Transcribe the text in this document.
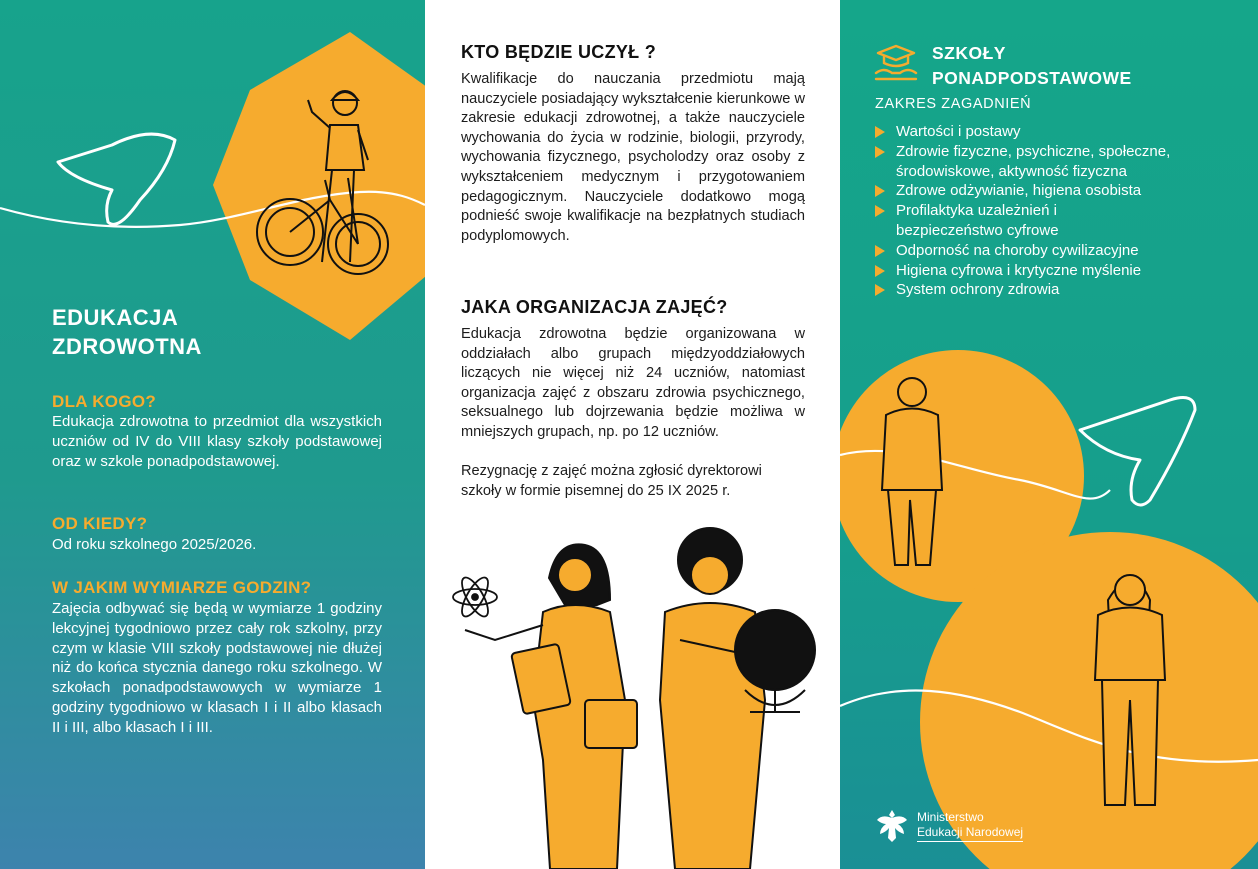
EDUKACJA
ZDROWOTNA
DLA KOGO?
Edukacja zdrowotna to przedmiot dla wszystkich uczniów od IV do VIII klasy szkoły podstawowej oraz w szkole ponadpodstawowej.
OD KIEDY?
Od roku szkolnego 2025/2026.
W JAKIM WYMIARZE GODZIN?
Zajęcia odbywać się będą w wymiarze 1 godziny lekcyjnej tygodniowo przez cały rok szkolny, przy czym w klasie VIII szkoły podstawowej nie dłużej niż do końca stycznia danego roku szkolnego. W szkołach ponadpodstawowych w wymiarze 1 godziny tygodniowo w klasach I i II albo klasach II i III, albo klasach I i III.
KTO BĘDZIE UCZYŁ ?
Kwalifikacje do nauczania przedmiotu mają nauczyciele posiadający wykształcenie kierunkowe w zakresie edukacji zdrowotnej, a także nauczyciele wychowania do życia w rodzinie, biologii, przyrody, wychowania fizycznego, psycholodzy oraz osoby z wykształceniem medycznym i przygotowaniem pedagogicznym. Nauczyciele dodatkowo mogą podnieść swoje kwalifikacje na bezpłatnych studiach podyplomowych.
JAKA ORGANIZACJA ZAJĘĆ?
Edukacja zdrowotna będzie organizowana w oddziałach albo grupach międzyoddziałowych liczących nie więcej niż 24 uczniów, natomiast organizacja zajęć z obszaru zdrowia psychicznego, seksualnego lub dojrzewania będzie możliwa w mniejszych grupach, np. po 12 uczniów.
Rezygnację z zajęć można zgłosić dyrektorowi szkoły w formie pisemnej do 25 IX 2025 r.
SZKOŁY
PONADPODSTAWOWE
ZAKRES ZAGADNIEŃ
Wartości i postawy
Zdrowie fizyczne, psychiczne, społeczne, środowiskowe, aktywność fizyczna
Zdrowe odżywianie, higiena osobista
Profilaktyka uzależnień i bezpieczeństwo cyfrowe
Odporność na choroby cywilizacyjne
Higiena cyfrowa i krytyczne myślenie
System ochrony zdrowia
Ministerstwo
Edukacji Narodowej
